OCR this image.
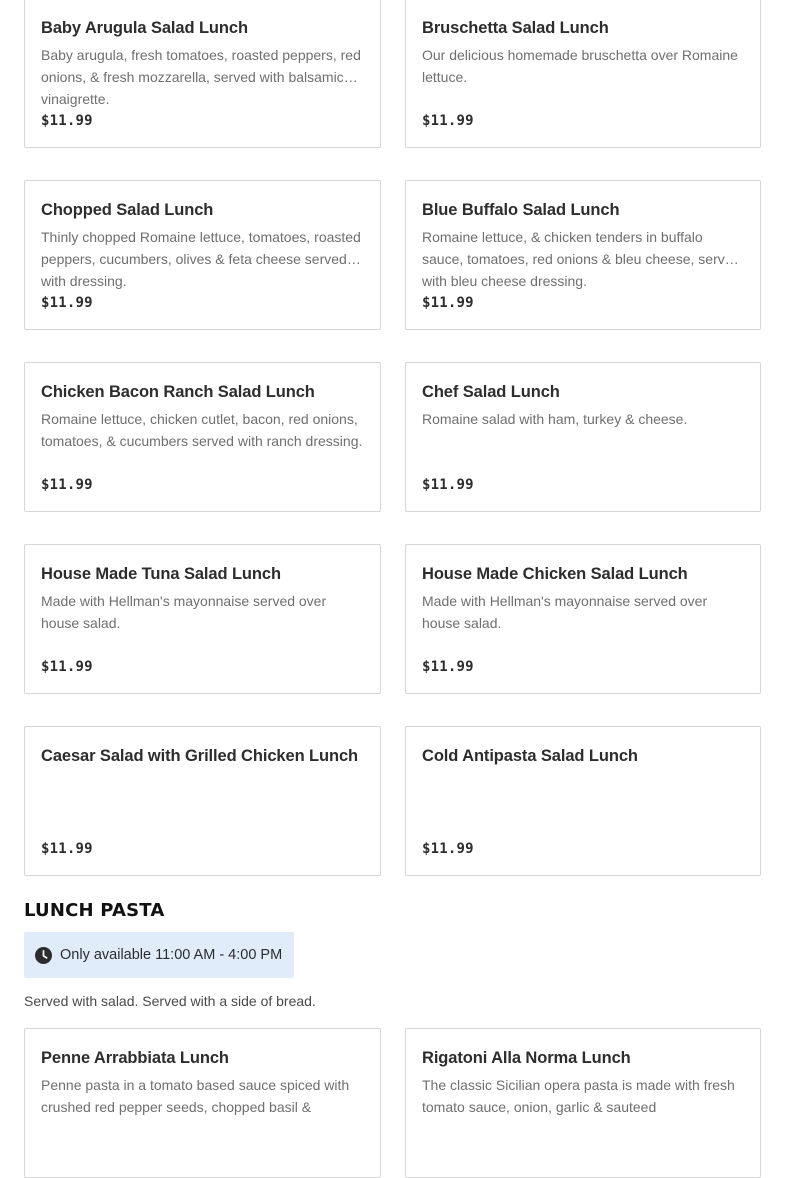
Baby Arugula Salad Lunch
Baby arugula, fresh tomatoes, roasted peppers, red onions, & fresh mozzarella, served with balsamic vinaigrette.
$11.99
Bruschetta Salad Lunch
Our delicious homemade bruschetta over Romaine lettuce.
$11.99
Chopped Salad Lunch
Thinly chopped Romaine lettuce, tomatoes, roasted peppers, cucumbers, olives & feta cheese served with dressing.
$11.99
Blue Buffalo Salad Lunch
Romaine lettuce, & chicken tenders in buffalo sauce, tomatoes, red onions & bleu cheese, served with bleu cheese dressing.
$11.99
Chicken Bacon Ranch Salad Lunch
Romaine lettuce, chicken cutlet, bacon, red onions, tomatoes, & cucumbers served with ranch dressing.
$11.99
Chef Salad Lunch
Romaine salad with ham, turkey & cheese.
$11.99
House Made Tuna Salad Lunch
Made with Hellman's mayonnaise served over house salad.
$11.99
House Made Chicken Salad Lunch
Made with Hellman's mayonnaise served over house salad.
$11.99
Caesar Salad with Grilled Chicken Lunch
$11.99
Cold Antipasta Salad Lunch
$11.99
LUNCH PASTA
Only available 11:00 AM - 4:00 PM

Served with salad. Served with a side of bread.

Penne Arrabbiata Lunch
Penne pasta in a tomato based sauce spiced with crushed red pepper seeds, chopped basil &
Rigatoni Alla Norma Lunch
The classic Sicilian opera pasta is made with fresh tomato sauce, onion, garlic & sauteed
